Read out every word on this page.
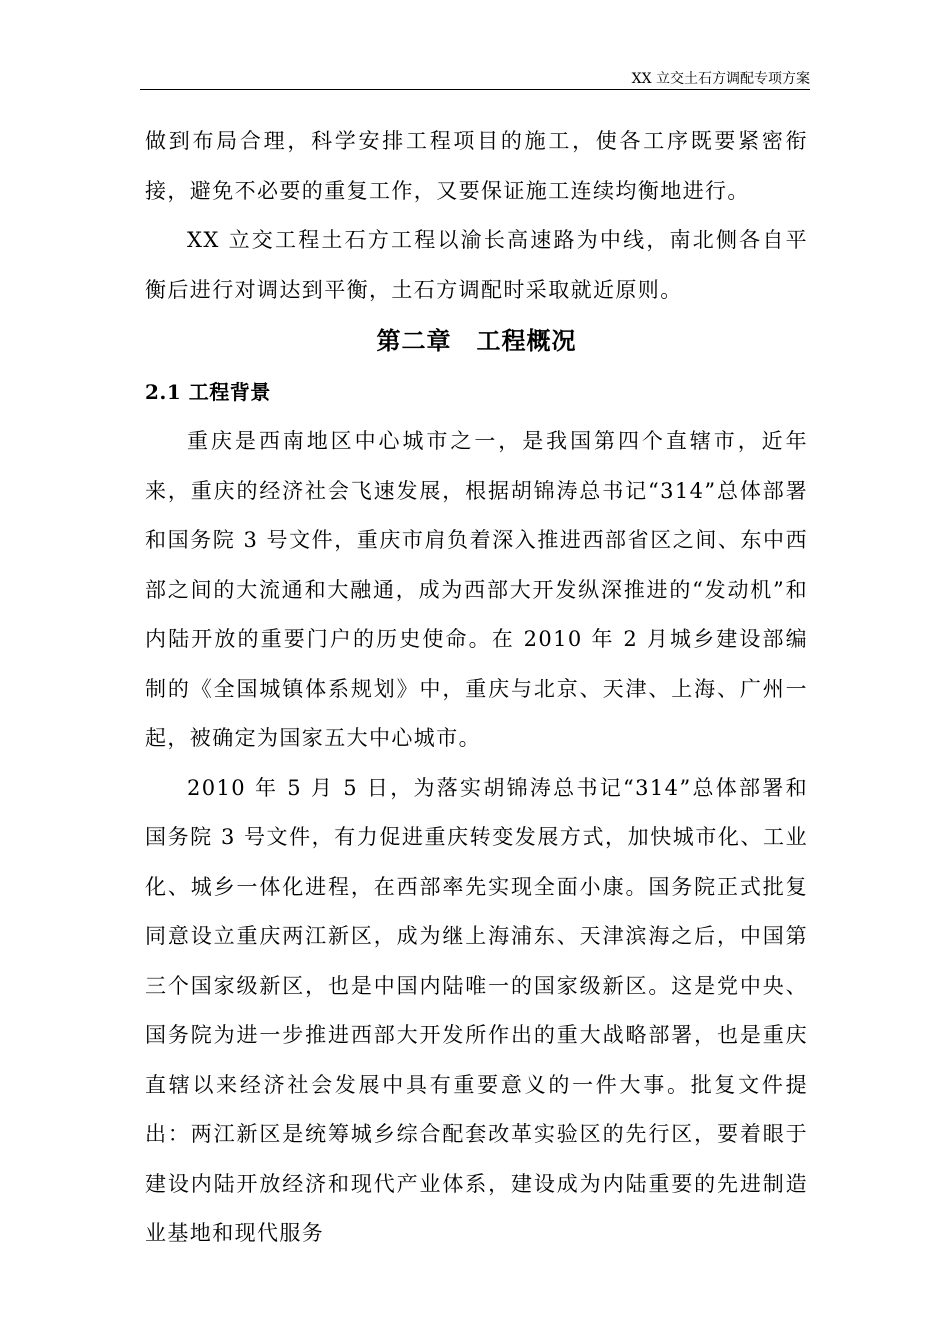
XX 立交土石方调配专项方案

做到布局合理，科学安排工程项目的施工，使各工序既要紧密衔接，避免不必要的重复工作，又要保证施工连续均衡地进行。

XX 立交工程土石方工程以渝长高速路为中线，南北侧各自平衡后进行对调达到平衡，土石方调配时采取就近原则。

第二章　工程概况
2.1 工程背景

重庆是西南地区中心城市之一，是我国第四个直辖市，近年来，重庆的经济社会飞速发展，根据胡锦涛总书记“314”总体部署和国务院 3 号文件，重庆市肩负着深入推进西部省区之间、东中西部之间的大流通和大融通，成为西部大开发纵深推进的“发动机”和内陆开放的重要门户的历史使命。在 2010 年 2 月城乡建设部编制的《全国城镇体系规划》中，重庆与北京、天津、上海、广州一起，被确定为国家五大中心城市。

2010 年 5 月 5 日，为落实胡锦涛总书记“314”总体部署和国务院 3 号文件，有力促进重庆转变发展方式，加快城市化、工业化、城乡一体化进程，在西部率先实现全面小康。国务院正式批复同意设立重庆两江新区，成为继上海浦东、天津滨海之后，中国第三个国家级新区，也是中国内陆唯一的国家级新区。这是党中央、国务院为进一步推进西部大开发所作出的重大战略部署，也是重庆直辖以来经济社会发展中具有重要意义的一件大事。批复文件提出：两江新区是统筹城乡综合配套改革实验区的先行区，要着眼于建设内陆开放经济和现代产业体系，建设成为内陆重要的先进制造业基地和现代服务
